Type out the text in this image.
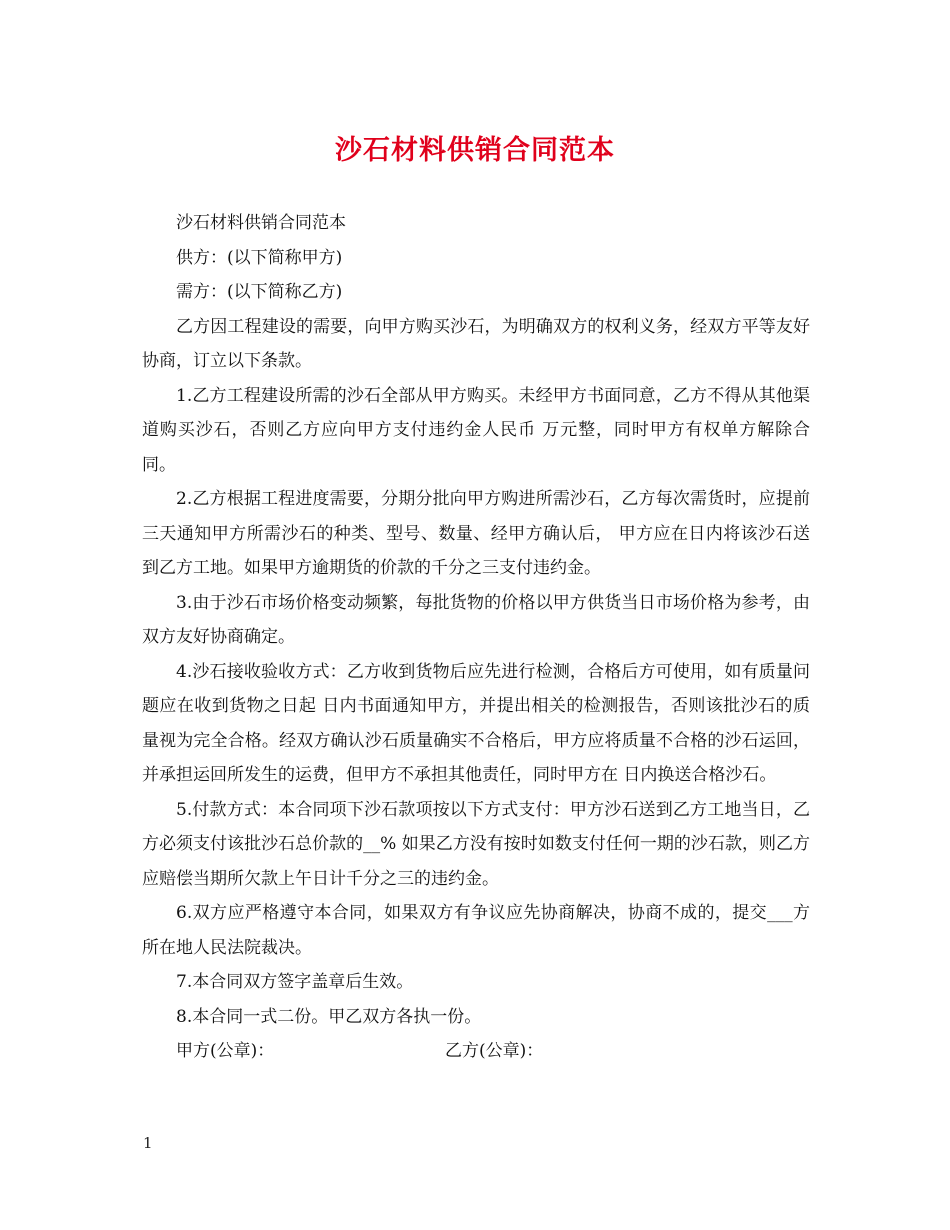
沙石材料供销合同范本

沙石材料供销合同范本

供方：(以下简称甲方)

需方：(以下简称乙方)

乙方因工程建设的需要，向甲方购买沙石，为明确双方的权利义务，经双方平等友好协商，订立以下条款。

1.乙方工程建设所需的沙石全部从甲方购买。未经甲方书面同意，乙方不得从其他渠道购买沙石，否则乙方应向甲方支付违约金人民币 万元整，同时甲方有权单方解除合同。

2.乙方根据工程进度需要，分期分批向甲方购进所需沙石，乙方每次需货时，应提前三天通知甲方所需沙石的种类、型号、数量、经甲方确认后， 甲方应在日内将该沙石送到乙方工地。如果甲方逾期货的价款的千分之三支付违约金。

3.由于沙石市场价格变动频繁，每批货物的价格以甲方供货当日市场价格为参考，由双方友好协商确定。

4.沙石接收验收方式：乙方收到货物后应先进行检测，合格后方可使用，如有质量问题应在收到货物之日起 日内书面通知甲方，并提出相关的检测报告，否则该批沙石的质量视为完全合格。经双方确认沙石质量确实不合格后，甲方应将质量不合格的沙石运回，并承担运回所发生的运费，但甲方不承担其他责任，同时甲方在 日内换送合格沙石。

5.付款方式：本合同项下沙石款项按以下方式支付：甲方沙石送到乙方工地当日，乙方必须支付该批沙石总价款的__% 如果乙方没有按时如数支付任何一期的沙石款，则乙方应赔偿当期所欠款上午日计千分之三的违约金。

6.双方应严格遵守本合同，如果双方有争议应先协商解决，协商不成的，提交___方所在地人民法院裁决。

7.本合同双方签字盖章后生效。

8.本合同一式二份。甲乙双方各执一份。

甲方(公章)：	乙方(公章)：
1
